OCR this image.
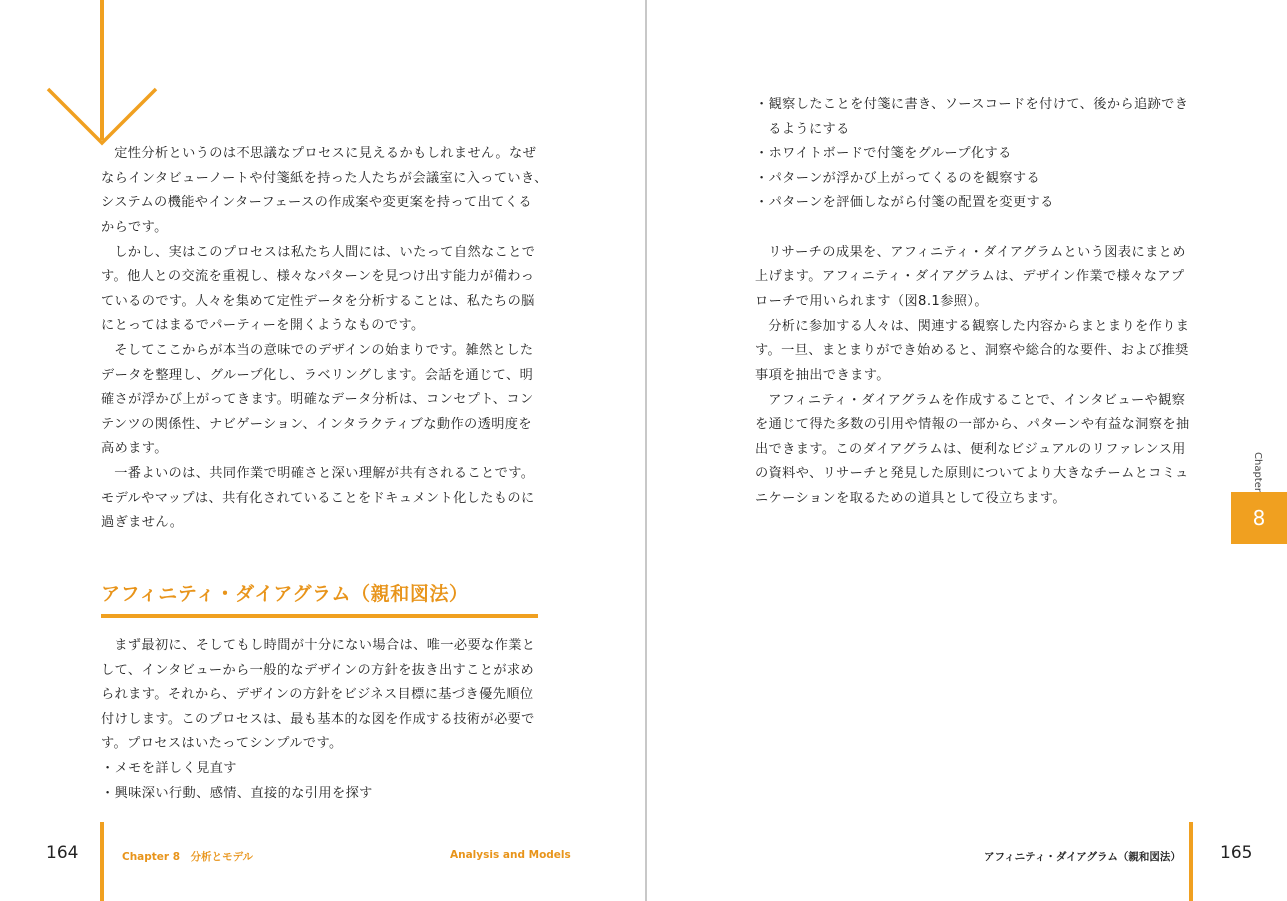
定性分析というのは不思議なプロセスに見えるかもしれません。なぜ
ならインタビューノートや付箋紙を持った人たちが会議室に入っていき、
システムの機能やインターフェースの作成案や変更案を持って出てくる
からです。
しかし、実はこのプロセスは私たち人間には、いたって自然なことで
す。他人との交流を重視し、様々なパターンを見つけ出す能力が備わっ
ているのです。人々を集めて定性データを分析することは、私たちの脳
にとってはまるでパーティーを開くようなものです。
そしてここからが本当の意味でのデザインの始まりです。雑然とした
データを整理し、グループ化し、ラベリングします。会話を通じて、明
確さが浮かび上がってきます。明確なデータ分析は、コンセプト、コン
テンツの関係性、ナビゲーション、インタラクティブな動作の透明度を
高めます。
一番よいのは、共同作業で明確さと深い理解が共有されることです。
モデルやマップは、共有化されていることをドキュメント化したものに
過ぎません。
アフィニティ・ダイアグラム（親和図法）
まず最初に、そしてもし時間が十分にない場合は、唯一必要な作業と
して、インタビューから一般的なデザインの方針を抜き出すことが求め
られます。それから、デザインの方針をビジネス目標に基づき優先順位
付けします。このプロセスは、最も基本的な図を作成する技術が必要で
す。プロセスはいたってシンプルです。
・メモを詳しく見直す
・興味深い行動、感情、直接的な引用を探す
164	Chapter 8　分析とモデル	Analysis and Models
・観察したことを付箋に書き、ソースコードを付けて、後から追跡でき
るようにする
・ホワイトボードで付箋をグループ化する
・パターンが浮かび上がってくるのを観察する
・パターンを評価しながら付箋の配置を変更する
リサーチの成果を、アフィニティ・ダイアグラムという図表にまとめ
上げます。アフィニティ・ダイアグラムは、デザイン作業で様々なアプ
ローチで用いられます（図8.1参照）。
分析に参加する人々は、関連する観察した内容からまとまりを作りま
す。一旦、まとまりができ始めると、洞察や総合的な要件、および推奨
事項を抽出できます。
アフィニティ・ダイアグラムを作成することで、インタビューや観察
を通じて得た多数の引用や情報の一部から、パターンや有益な洞察を抽
出できます。このダイアグラムは、便利なビジュアルのリファレンス用
の資料や、リサーチと発見した原則についてより大きなチームとコミュ
ニケーションを取るための道具として役立ちます。
アフィニティ・ダイアグラム（親和図法） 165
Chapter
8
